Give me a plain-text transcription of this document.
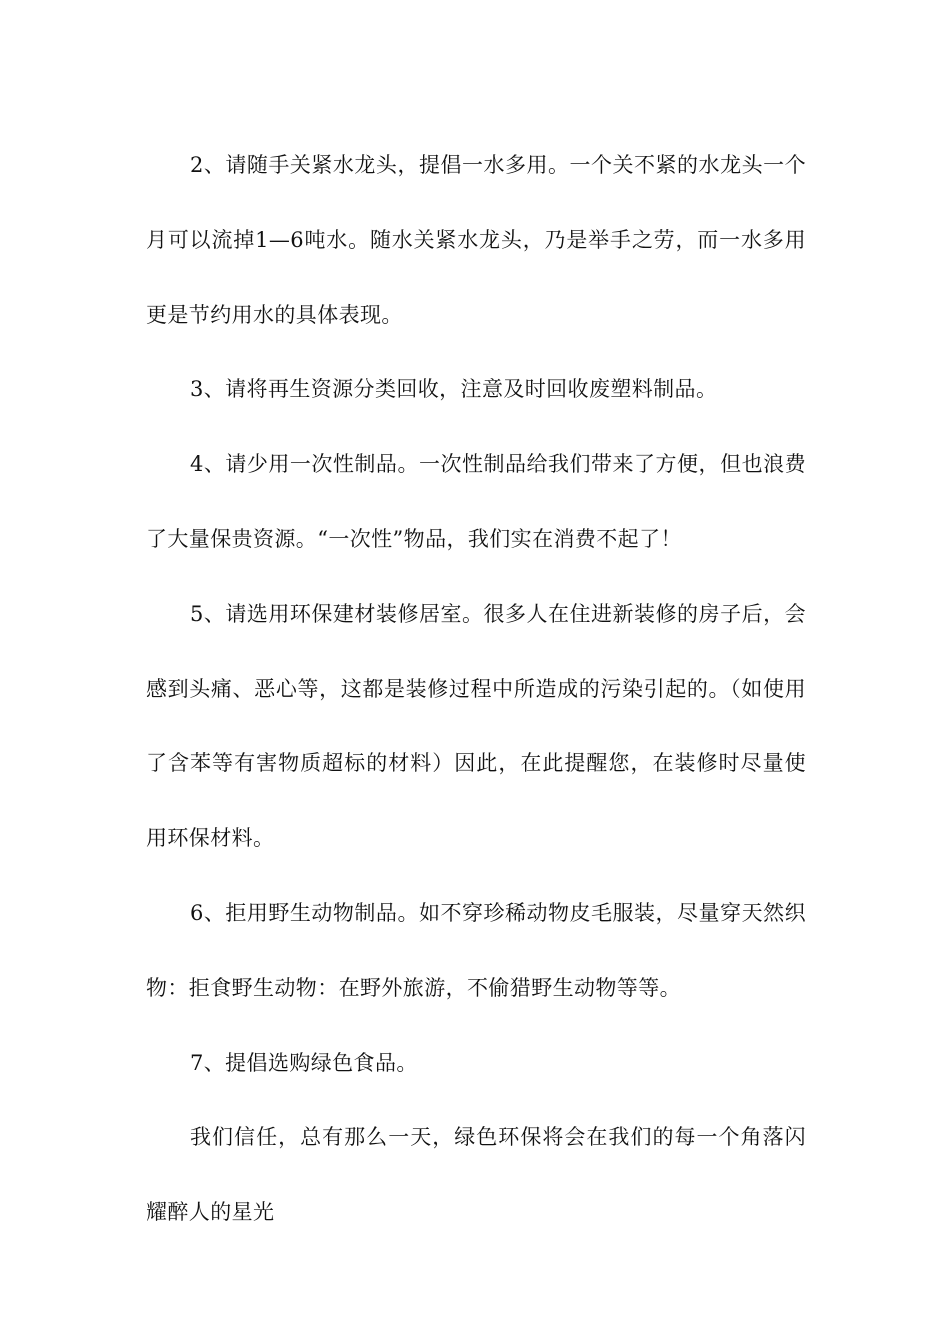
2、请随手关紧水龙头，提倡一水多用。一个关不紧的水龙头一个月可以流掉1—6吨水。随水关紧水龙头，乃是举手之劳，而一水多用更是节约用水的具体表现。

3、请将再生资源分类回收，注意及时回收废塑料制品。

4、请少用一次性制品。一次性制品给我们带来了方便，但也浪费了大量保贵资源。“一次性”物品，我们实在消费不起了！

5、请选用环保建材装修居室。很多人在住进新装修的房子后，会感到头痛、恶心等，这都是装修过程中所造成的污染引起的。（如使用了含苯等有害物质超标的材料）因此，在此提醒您，在装修时尽量使用环保材料。

6、拒用野生动物制品。如不穿珍稀动物皮毛服装，尽量穿天然织物：拒食野生动物：在野外旅游，不偷猎野生动物等等。

7、提倡选购绿色食品。

我们信任，总有那么一天，绿色环保将会在我们的每一个角落闪耀醉人的星光
